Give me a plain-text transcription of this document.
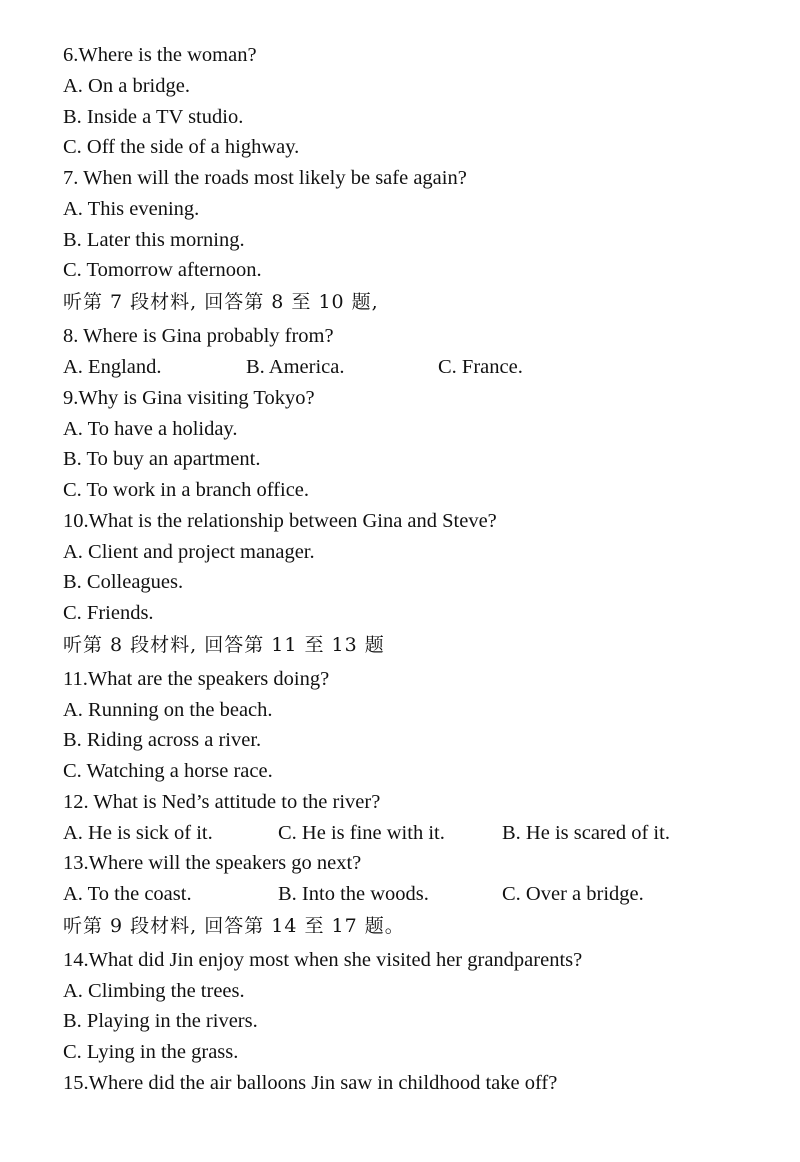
6.Where is the woman?
A. On a bridge.
B. Inside a TV studio.
C. Off the side of a highway.
7. When will the roads most likely be safe again?
A. This evening.
B. Later this morning.
C. Tomorrow afternoon.
听第 7 段材料, 回答第 8 至 10 题,
8. Where is Gina probably from?
A. England.	B. America.	C. France.
9.Why is Gina visiting Tokyo?
A. To have a holiday.
B. To buy an apartment.
C. To work in a branch office.
10.What is the relationship between Gina and Steve?
A. Client and project manager.
B. Colleagues.
C. Friends.
听第 8 段材料, 回答第 11 至 13 题
11.What are the speakers doing?
A. Running on the beach.
B. Riding across a river.
C. Watching a horse race.
12. What is Ned’s attitude to the river?
A. He is sick of it.	C. He is fine with it.	B. He is scared of it.
13.Where will the speakers go next?
A. To the coast.	B. Into the woods.	C. Over a bridge.
听第 9 段材料, 回答第 14 至 17 题。
14.What did Jin enjoy most when she visited her grandparents?
A. Climbing the trees.
B. Playing in the rivers.
C. Lying in the grass.
15.Where did the air balloons Jin saw in childhood take off?
